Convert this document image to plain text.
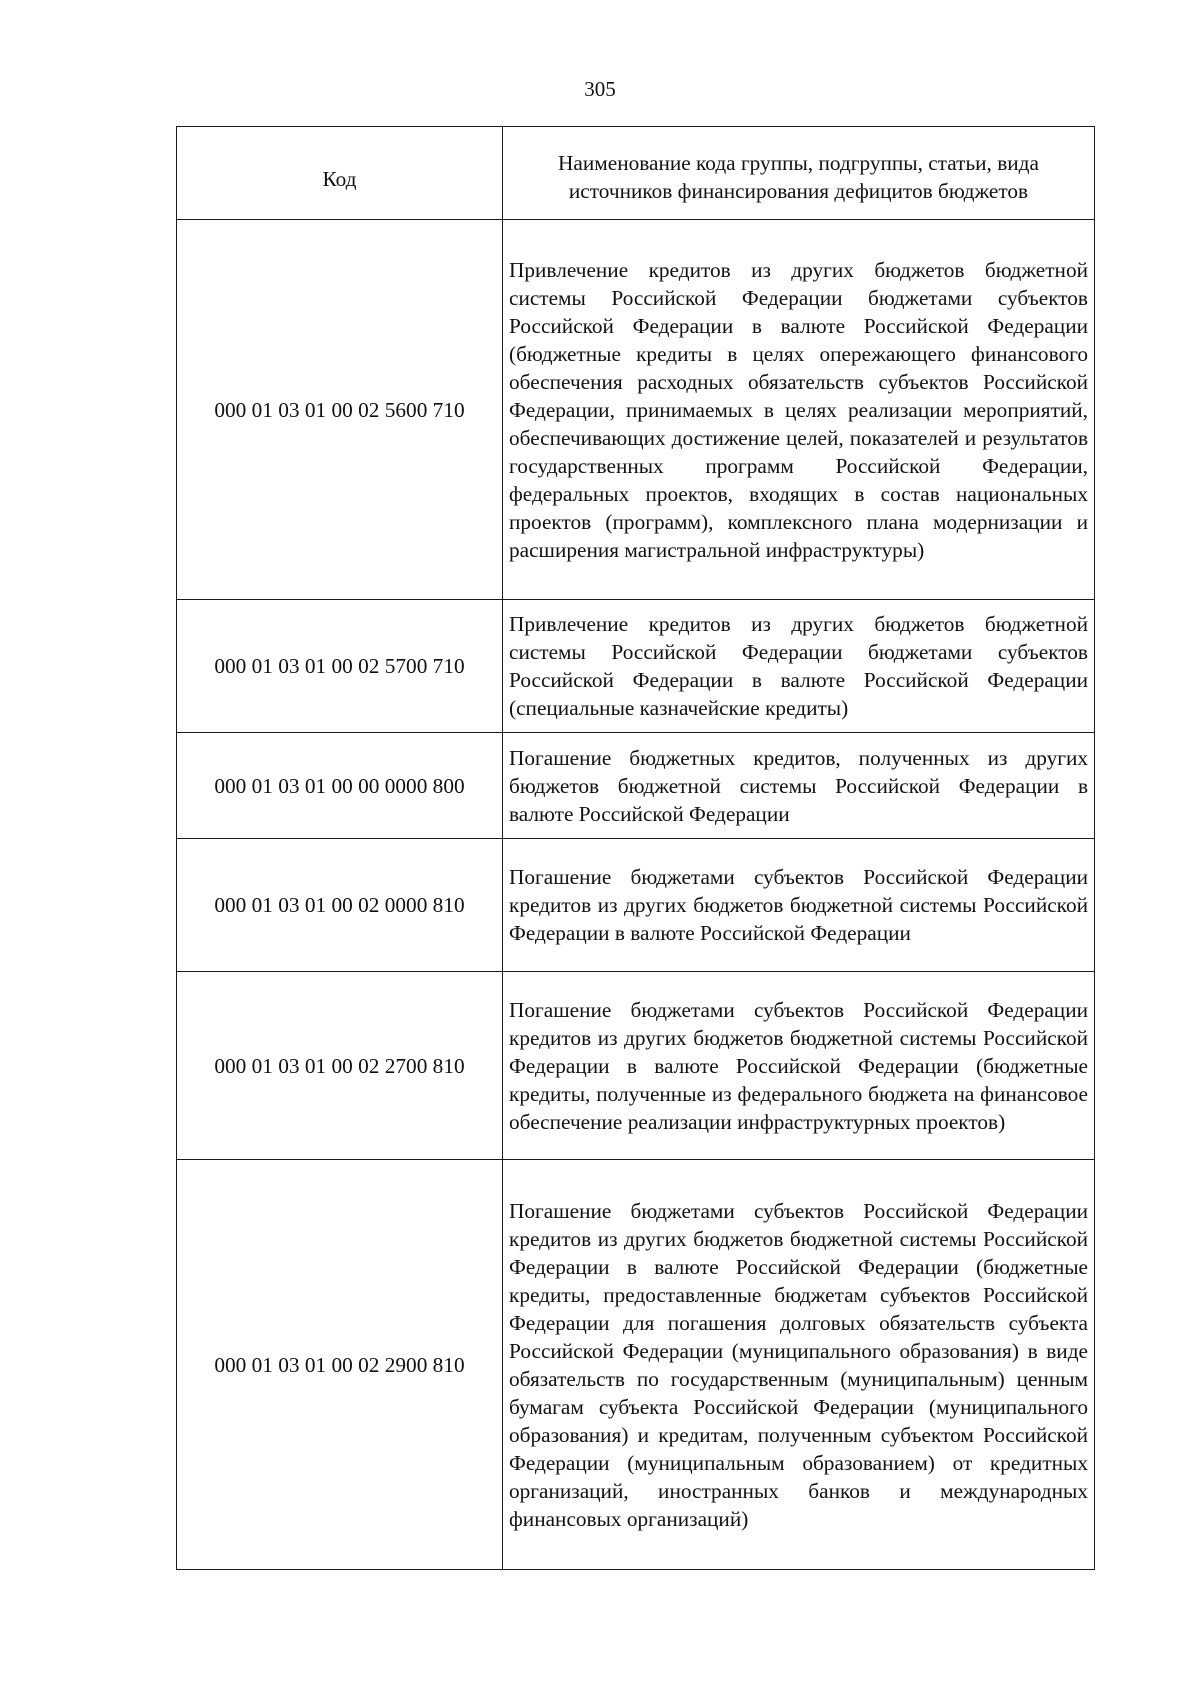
305
Код	Наименование кода группы, подгруппы, статьи, вида источников финансирования дефицитов бюджетов
000 01 03 01 00 02 5600 710	Привлечение кредитов из других бюджетов бюджетной системы Российской Федерации бюджетами субъектов Российской Федерации в валюте Российской Федерации (бюджетные кредиты в целях опережающего финансового обеспечения расходных обязательств субъектов Российской Федерации, принимаемых в целях реализации мероприятий, обеспечивающих достижение целей, показателей и результатов государственных программ Российской Федерации, федеральных проектов, входящих в состав национальных проектов (программ), комплексного плана модернизации и расширения магистральной инфраструктуры)
000 01 03 01 00 02 5700 710	Привлечение кредитов из других бюджетов бюджетной системы Российской Федерации бюджетами субъектов Российской Федерации в валюте Российской Федерации (специальные казначейские кредиты)
000 01 03 01 00 00 0000 800	Погашение бюджетных кредитов, полученных из других бюджетов бюджетной системы Российской Федерации в валюте Российской Федерации
000 01 03 01 00 02 0000 810	Погашение бюджетами субъектов Российской Федерации кредитов из других бюджетов бюджетной системы Российской Федерации в валюте Российской Федерации
000 01 03 01 00 02 2700 810	Погашение бюджетами субъектов Российской Федерации кредитов из других бюджетов бюджетной системы Российской Федерации в валюте Российской Федерации (бюджетные кредиты, полученные из федерального бюджета на финансовое обеспечение реализации инфраструктурных проектов)
000 01 03 01 00 02 2900 810	Погашение бюджетами субъектов Российской Федерации кредитов из других бюджетов бюджетной системы Российской Федерации в валюте Российской Федерации (бюджетные кредиты, предоставленные бюджетам субъектов Российской Федерации для погашения долговых обязательств субъекта Российской Федерации (муниципального образования) в виде обязательств по государственным (муниципальным) ценным бумагам субъекта Российской Федерации (муниципального образования) и кредитам, полученным субъектом Российской Федерации (муниципальным образованием) от кредитных организаций, иностранных банков и международных финансовых организаций)
